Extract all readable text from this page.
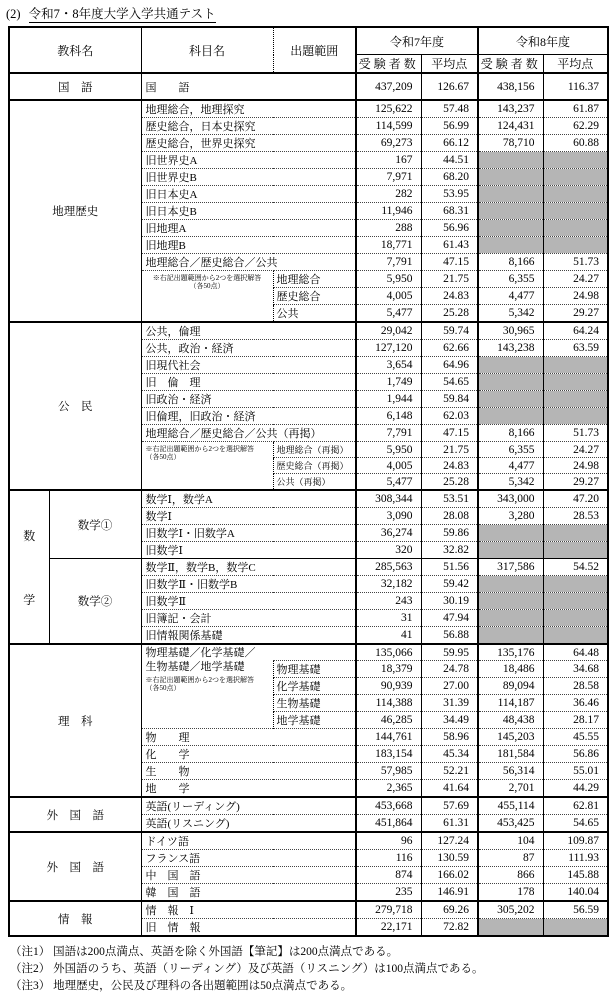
(2) 令和7・8年度大学入学共通テスト
教科名		科目名	出題範囲	令和7年度		令和8年度	
				受験者数	平均点	受験者数	平均点
国　語		国　　語		437,209	126.67	438,156	116.37
地理歴史		地理総合，地理探究		125,622	57.48	143,237	61.87
		歴史総合，日本史探究		114,599	56.99	124,431	62.29
		歴史総合，世界史探究		69,273	66.12	78,710	60.88
		旧世界史A		167	44.51		
		旧世界史B		7,971	68.20		
		旧日本史A		282	53.95		
		旧日本史B		11,946	68.31		
		旧地理A		288	56.96		
		旧地理B		18,771	61.43		
		地理総合／歴史総合／公共		7,791	47.15	8,166	51.73

		※右記出題範囲から2つを選択解答
（各50点）	地理総合	5,950	21.75	6,355	24.27
			歴史総合	4,005	24.83	4,477	24.98
			公共	5,477	25.28	5,342	29.27
公　民		公共，倫理		29,042	59.74	30,965	64.24
		公共，政治・経済		127,120	62.66	143,238	63.59
		旧現代社会		3,654	64.96		
		旧　倫　理		1,749	54.65		
		旧政治・経済		1,944	59.84		
		旧倫理，旧政治・経済		6,148	62.03		
		地理総合／歴史総合／公共（再掲）		7,791	47.15	8,166	51.73

		※右記出題範囲から2つを選択解答
（各50点）	地理総合（再掲）	5,950	21.75	6,355	24.27
			歴史総合（再掲）	4,005	24.83	4,477	24.98
			公共（再掲）	5,477	25.28	5,342	29.27

数
学	数学①	数学Ⅰ，数学A		308,344	53.51	343,000	47.20
		数学Ⅰ		3,090	28.08	3,280	28.53
		旧数学Ⅰ・旧数学A		36,274	59.86		
		旧数学Ⅰ		320	32.82		
	数学②	数学Ⅱ，数学B，数学C		285,563	51.56	317,586	54.52
		旧数学Ⅱ・旧数学B		32,182	59.42		
		旧数学Ⅱ		243	30.19		
		旧簿記・会計		31	47.94		
		旧情報関係基礎		41	56.88		
理　科		物理基礎／化学基礎／
生物基礎／地学基礎
※右記出題範囲から2つを選択解答
（各50点）		135,066	59.95	135,176	64.48
			物理基礎	18,379	24.78	18,486	34.68
			化学基礎	90,939	27.00	89,094	28.58
			生物基礎	114,388	31.39	114,187	36.46
			地学基礎	46,285	34.49	48,438	28.17
		物　　理		144,761	58.96	145,203	45.55
		化　　学		183,154	45.34	181,584	56.86
		生　　物		57,985	52.21	56,314	55.01
		地　　学		2,365	41.64	2,701	44.29
外　国　語		英語(リーディング)		453,668	57.69	455,114	62.81
		英語(リスニング)		451,864	61.31	453,425	54.65
外　国　語		ドイツ語		96	127.24	104	109.87
		フランス語		116	130.59	87	111.93
		中　国　語		874	166.02	866	145.88
		韓　国　語		235	146.91	178	140.04
情　報		情　報　Ⅰ		279,718	69.26	305,202	56.59
		旧　情　報		22,171	72.82		
（注1） 国語は200点満点、英語を除く外国語【筆記】は200点満点である。
（注2） 外国語のうち、英語（リーディング）及び英語（リスニング）は100点満点である。
（注3） 地理歴史，公民及び理科の各出題範囲は50点満点である。
